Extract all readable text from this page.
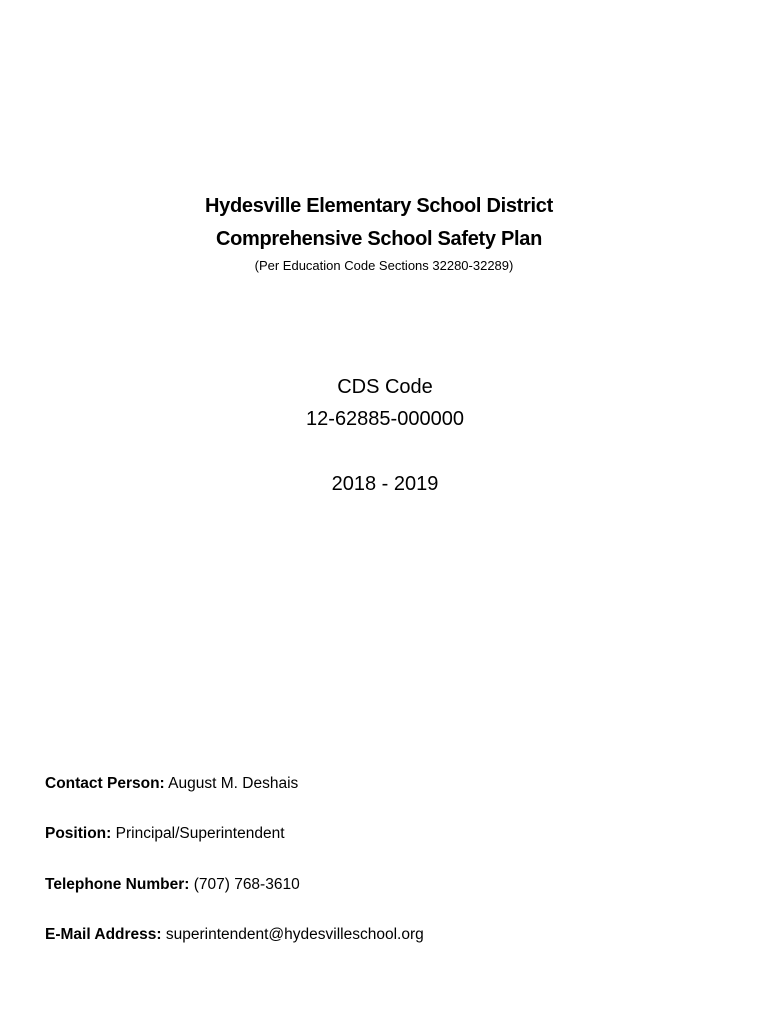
Hydesville Elementary School District
Comprehensive School Safety Plan
(Per Education Code Sections 32280-32289)
CDS Code
12-62885-000000
2018 - 2019
Contact Person: August M. Deshais
Position: Principal/Superintendent
Telephone Number: (707) 768-3610
E-Mail Address: superintendent@hydesvilleschool.org
